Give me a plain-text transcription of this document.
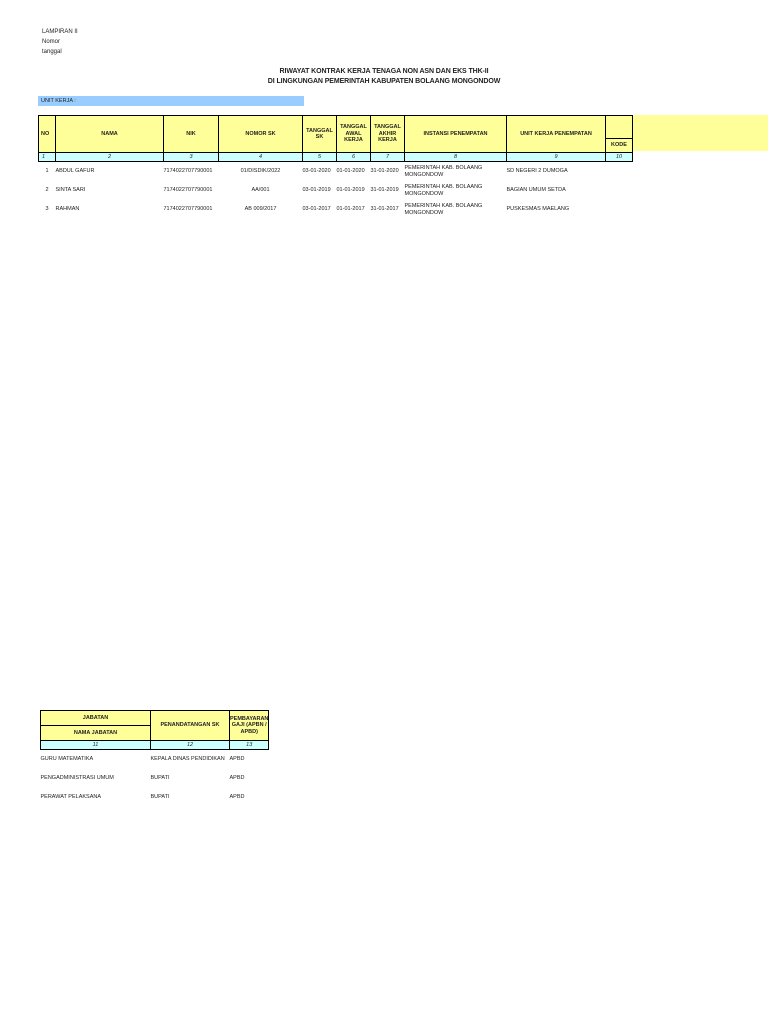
LAMPIRAN II
Nomor
tanggal
RIWAYAT KONTRAK KERJA TENAGA NON ASN DAN EKS THK-II
DI LINGKUNGAN PEMERINTAH KABUPATEN BOLAANG MONGONDOW
UNIT KERJA :
NO	NAMA	NIK	NOMOR SK	TANGGAL SK	TANGGAL AWAL KERJA	TANGGAL AKHIR KERJA	INSTANSI PENEMPATAN	UNIT KERJA PENEMPATAN	
									KODE
1	2	3	4	5	6	7	8	9	10
1	ABDUL GAFUR	7174022707790001	01/DISDIK/2022	03-01-2020	01-01-2020	31-01-2020	PEMERINTAH KAB. BOLAANG MONGONDOW	SD NEGERI 2 DUMOGA	
2	SINTA SARI	7174022707790001	AA/001	03-01-2019	01-01-2019	31-01-2019	PEMERINTAH KAB. BOLAANG MONGONDOW	BAGIAN UMUM SETDA	
3	RAHMAN	7174022707790001	AB 009/2017	03-01-2017	01-01-2017	31-01-2017	PEMERINTAH KAB. BOLAANG MONGONDOW	PUSKESMAS MAELANG	
JABATAN	PENANDATANGAN SK	PEMBAYARAN GAJI (APBN / APBD)
NAMA JABATAN		
11	12	13
GURU MATEMATIKA	KEPALA DINAS PENDIDIKAN	APBD
PENGADMINISTRASI UMUM	BUPATI	APBD
PERAWAT PELAKSANA	BUPATI	APBD
